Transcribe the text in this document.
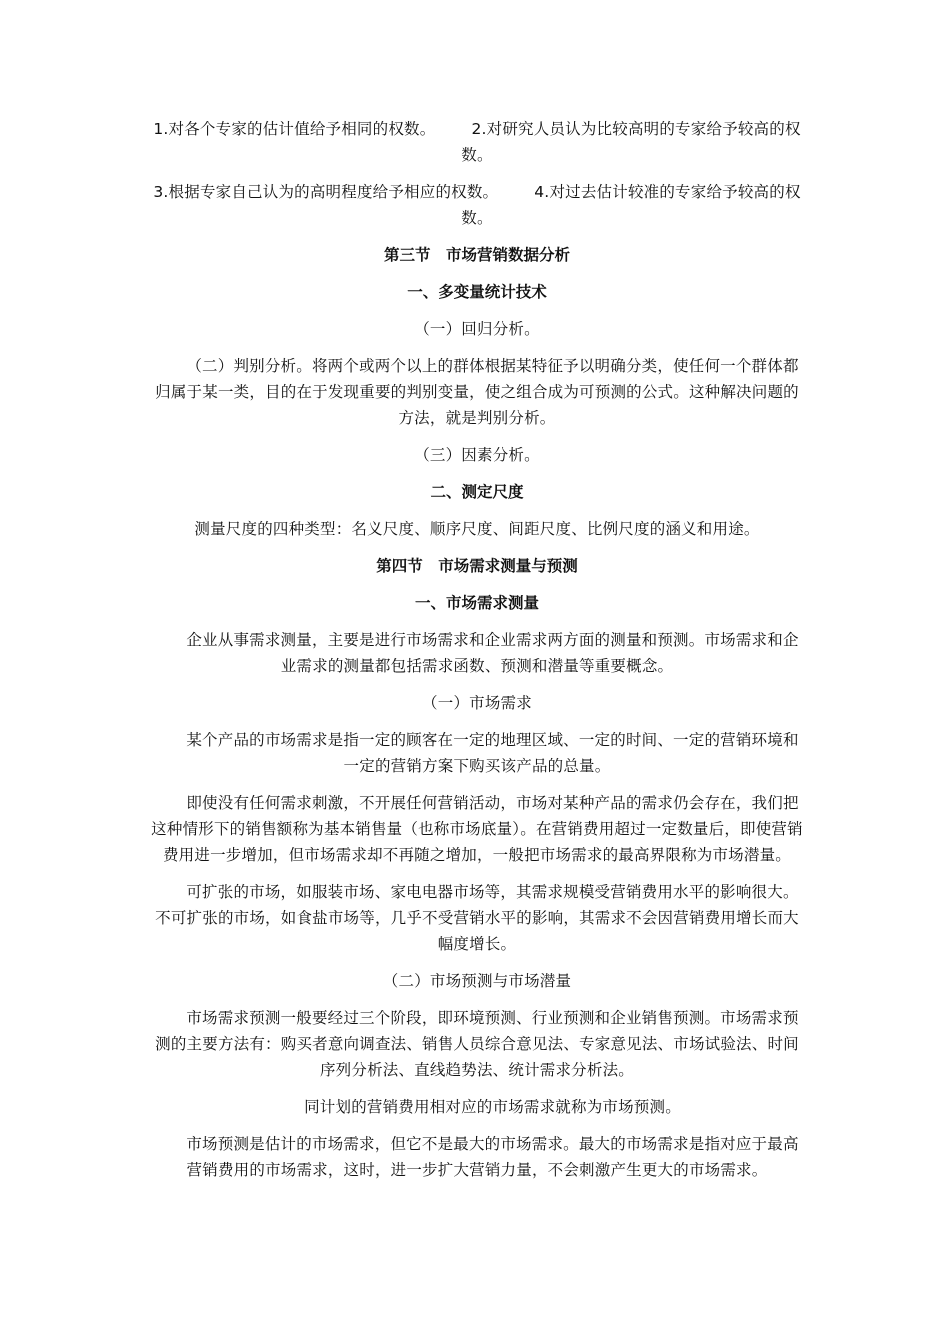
1.对各个专家的估计值给予相同的权数。 2.对研究人员认为比较高明的专家给予较高的权数。

3.根据专家自己认为的高明程度给予相应的权数。 4.对过去估计较准的专家给予较高的权数。

第三节　市场营销数据分析

一、多变量统计技术

（一）回归分析。

（二）判别分析。将两个或两个以上的群体根据某特征予以明确分类，使任何一个群体都归属于某一类，目的在于发现重要的判别变量，使之组合成为可预测的公式。这种解决问题的方法，就是判别分析。

（三）因素分析。

二、测定尺度

测量尺度的四种类型：名义尺度、顺序尺度、间距尺度、比例尺度的涵义和用途。

第四节　市场需求测量与预测

一、市场需求测量

企业从事需求测量，主要是进行市场需求和企业需求两方面的测量和预测。市场需求和企业需求的测量都包括需求函数、预测和潜量等重要概念。

（一）市场需求

某个产品的市场需求是指一定的顾客在一定的地理区域、一定的时间、一定的营销环境和一定的营销方案下购买该产品的总量。

即使没有任何需求刺激，不开展任何营销活动，市场对某种产品的需求仍会存在，我们把这种情形下的销售额称为基本销售量（也称市场底量）。在营销费用超过一定数量后，即使营销费用进一步增加，但市场需求却不再随之增加，一般把市场需求的最高界限称为市场潜量。

可扩张的市场，如服装市场、家电电器市场等，其需求规模受营销费用水平的影响很大。不可扩张的市场，如食盐市场等，几乎不受营销水平的影响，其需求不会因营销费用增长而大幅度增长。

（二）市场预测与市场潜量

市场需求预测一般要经过三个阶段，即环境预测、行业预测和企业销售预测。市场需求预测的主要方法有：购买者意向调查法、销售人员综合意见法、专家意见法、市场试验法、时间序列分析法、直线趋势法、统计需求分析法。

同计划的营销费用相对应的市场需求就称为市场预测。

市场预测是估计的市场需求，但它不是最大的市场需求。最大的市场需求是指对应于最高营销费用的市场需求，这时，进一步扩大营销力量，不会刺激产生更大的市场需求。
